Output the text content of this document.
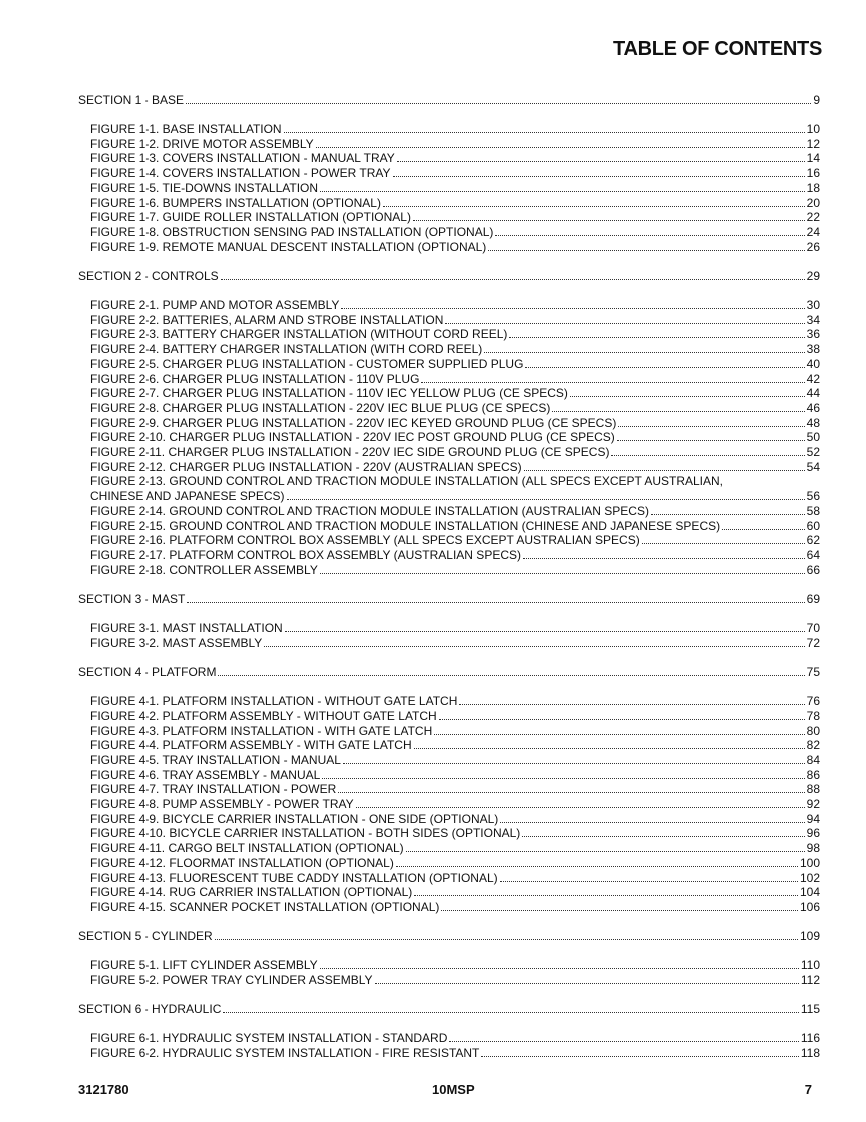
TABLE OF CONTENTS
SECTION 1 - BASE	9
FIGURE 1-1. BASE INSTALLATION	10
FIGURE 1-2. DRIVE MOTOR ASSEMBLY	12
FIGURE 1-3. COVERS INSTALLATION - MANUAL TRAY	14
FIGURE 1-4. COVERS INSTALLATION - POWER TRAY	16
FIGURE 1-5. TIE-DOWNS INSTALLATION	18
FIGURE 1-6. BUMPERS INSTALLATION (OPTIONAL)	20
FIGURE 1-7. GUIDE ROLLER INSTALLATION (OPTIONAL)	22
FIGURE 1-8. OBSTRUCTION SENSING PAD INSTALLATION (OPTIONAL)	24
FIGURE 1-9. REMOTE MANUAL DESCENT INSTALLATION (OPTIONAL)	26
SECTION 2 - CONTROLS	29
FIGURE 2-1. PUMP AND MOTOR ASSEMBLY	30
FIGURE 2-2. BATTERIES, ALARM AND STROBE INSTALLATION	34
FIGURE 2-3. BATTERY CHARGER INSTALLATION (WITHOUT CORD REEL)	36
FIGURE 2-4. BATTERY CHARGER INSTALLATION (WITH CORD REEL)	38
FIGURE 2-5. CHARGER PLUG INSTALLATION - CUSTOMER SUPPLIED PLUG	40
FIGURE 2-6. CHARGER PLUG INSTALLATION - 110V PLUG	42
FIGURE 2-7. CHARGER PLUG INSTALLATION - 110V IEC YELLOW PLUG (CE SPECS)	44
FIGURE 2-8. CHARGER PLUG INSTALLATION - 220V IEC BLUE PLUG (CE SPECS)	46
FIGURE 2-9. CHARGER PLUG INSTALLATION - 220V IEC KEYED GROUND PLUG (CE SPECS)	48
FIGURE 2-10. CHARGER PLUG INSTALLATION - 220V IEC POST GROUND PLUG (CE SPECS)	50
FIGURE 2-11. CHARGER PLUG INSTALLATION - 220V IEC SIDE GROUND PLUG (CE SPECS)	52
FIGURE 2-12. CHARGER PLUG INSTALLATION - 220V (AUSTRALIAN SPECS)	54
FIGURE 2-13. GROUND CONTROL AND TRACTION MODULE INSTALLATION (ALL SPECS EXCEPT AUSTRALIAN,
CHINESE AND JAPANESE SPECS)	56
FIGURE 2-14. GROUND CONTROL AND TRACTION MODULE INSTALLATION (AUSTRALIAN SPECS)	58
FIGURE 2-15. GROUND CONTROL AND TRACTION MODULE INSTALLATION (CHINESE AND JAPANESE SPECS)	60
FIGURE 2-16. PLATFORM CONTROL BOX ASSEMBLY (ALL SPECS EXCEPT AUSTRALIAN SPECS)	62
FIGURE 2-17. PLATFORM CONTROL BOX ASSEMBLY (AUSTRALIAN SPECS)	64
FIGURE 2-18. CONTROLLER ASSEMBLY	66
SECTION 3 - MAST	69
FIGURE 3-1. MAST INSTALLATION	70
FIGURE 3-2. MAST ASSEMBLY	72
SECTION 4 - PLATFORM	75
FIGURE 4-1. PLATFORM INSTALLATION - WITHOUT GATE LATCH	76
FIGURE 4-2. PLATFORM ASSEMBLY - WITHOUT GATE LATCH	78
FIGURE 4-3. PLATFORM INSTALLATION - WITH GATE LATCH	80
FIGURE 4-4. PLATFORM ASSEMBLY - WITH GATE LATCH	82
FIGURE 4-5. TRAY INSTALLATION - MANUAL	84
FIGURE 4-6. TRAY ASSEMBLY - MANUAL	86
FIGURE 4-7. TRAY INSTALLATION - POWER	88
FIGURE 4-8. PUMP ASSEMBLY - POWER TRAY	92
FIGURE 4-9. BICYCLE CARRIER INSTALLATION - ONE SIDE (OPTIONAL)	94
FIGURE 4-10. BICYCLE CARRIER INSTALLATION - BOTH SIDES (OPTIONAL)	96
FIGURE 4-11. CARGO BELT INSTALLATION (OPTIONAL)	98
FIGURE 4-12. FLOORMAT INSTALLATION (OPTIONAL)	100
FIGURE 4-13. FLUORESCENT TUBE CADDY INSTALLATION (OPTIONAL)	102
FIGURE 4-14. RUG CARRIER INSTALLATION (OPTIONAL)	104
FIGURE 4-15. SCANNER POCKET INSTALLATION (OPTIONAL)	106
SECTION 5 - CYLINDER	109
FIGURE 5-1. LIFT CYLINDER ASSEMBLY	110
FIGURE 5-2. POWER TRAY CYLINDER ASSEMBLY	112
SECTION 6 - HYDRAULIC	115
FIGURE 6-1. HYDRAULIC SYSTEM INSTALLATION - STANDARD	116
FIGURE 6-2. HYDRAULIC SYSTEM INSTALLATION - FIRE RESISTANT	118
3121780	10MSP	7
